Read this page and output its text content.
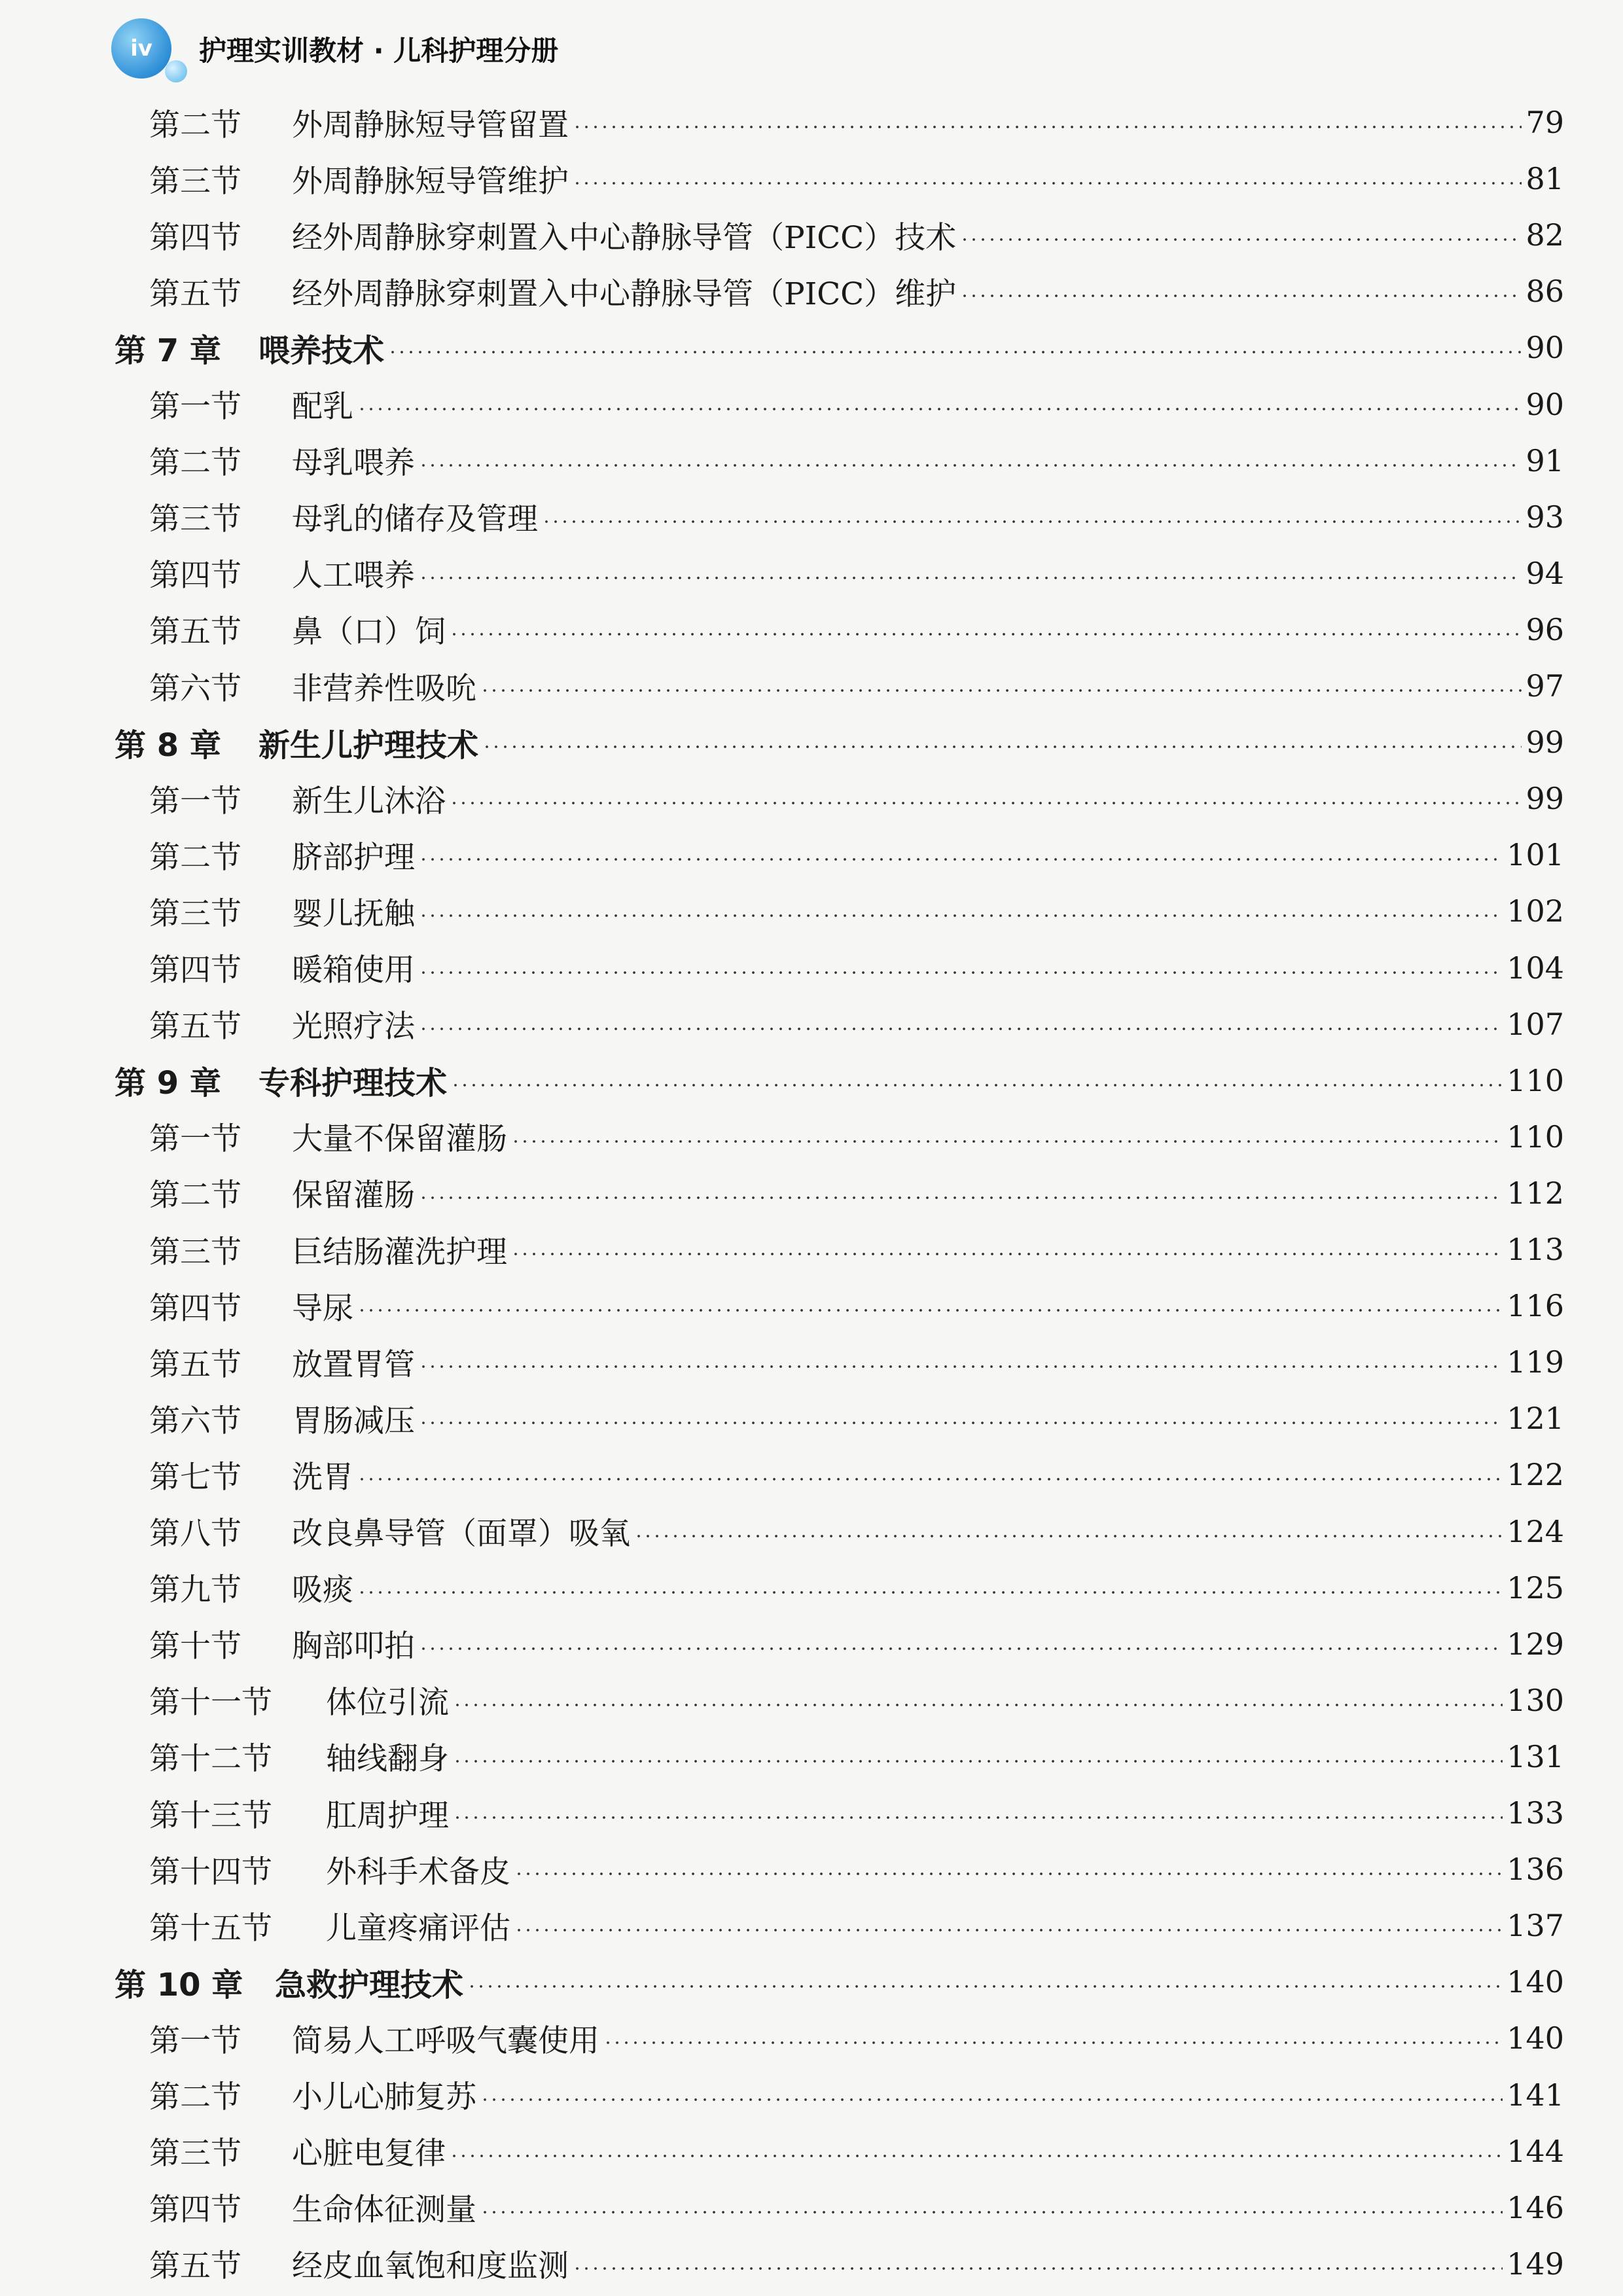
iv 护理实训教材 · 儿科护理分册
第二节	外周静脉短导管留置	79
第三节	外周静脉短导管维护	81
第四节	经外周静脉穿刺置入中心静脉导管（PICC）技术	82
第五节	经外周静脉穿刺置入中心静脉导管（PICC）维护	86
第 7 章	喂养技术	90
第一节	配乳	90
第二节	母乳喂养	91
第三节	母乳的储存及管理	93
第四节	人工喂养	94
第五节	鼻（口）饲	96
第六节	非营养性吸吮	97
第 8 章	新生儿护理技术	99
第一节	新生儿沐浴	99
第二节	脐部护理	101
第三节	婴儿抚触	102
第四节	暖箱使用	104
第五节	光照疗法	107
第 9 章	专科护理技术	110
第一节	大量不保留灌肠	110
第二节	保留灌肠	112
第三节	巨结肠灌洗护理	113
第四节	导尿	116
第五节	放置胃管	119
第六节	胃肠减压	121
第七节	洗胃	122
第八节	改良鼻导管（面罩）吸氧	124
第九节	吸痰	125
第十节	胸部叩拍	129
第十一节	体位引流	130
第十二节	轴线翻身	131
第十三节	肛周护理	133
第十四节	外科手术备皮	136
第十五节	儿童疼痛评估	137
第 10 章	急救护理技术	140
第一节	简易人工呼吸气囊使用	140
第二节	小儿心肺复苏	141
第三节	心脏电复律	144
第四节	生命体征测量	146
第五节	经皮血氧饱和度监测	149
